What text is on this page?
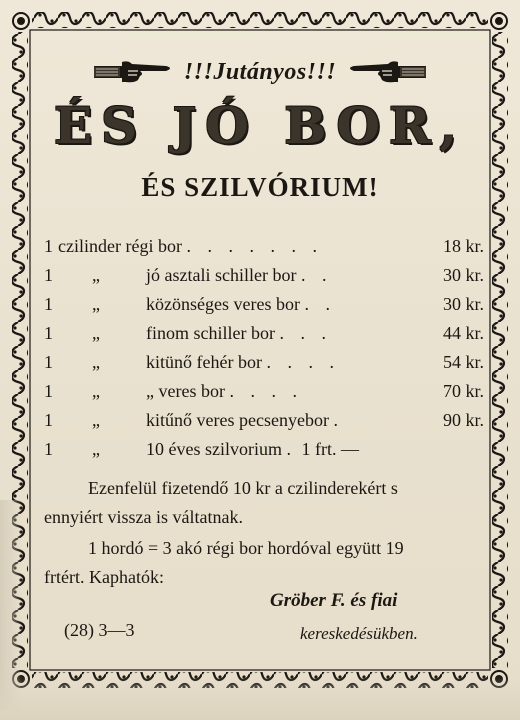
!!!Jutányos!!!
ÉS JÓ BOR,
ÉS SZILVÓRIUM!
1 czilinder régi bor . . . . . . .	18 kr.
1 „	jó asztali schiller bor . .	30 kr.
1 „	közönséges veres bor . .	30 kr.
1 „	finom schiller bor . . .	44 kr.
1 „	kitünő fehér bor . . . .	54 kr.
1 „	„ veres bor . . . .	70 kr.
1 „	kitűnő veres pecsenyebor .	90 kr.
1 „	10 éves szilvorium . 1 frt. —
Ezenfelül fizetendő 10 kr a czilinderekért s
ennyiért vissza is váltatnak.
1 hordó = 3 akó régi bor hordóval együtt 19
frtért. Kaphatók:
Gröber F. és fiai
(28) 3—3	kereskedésükben.
